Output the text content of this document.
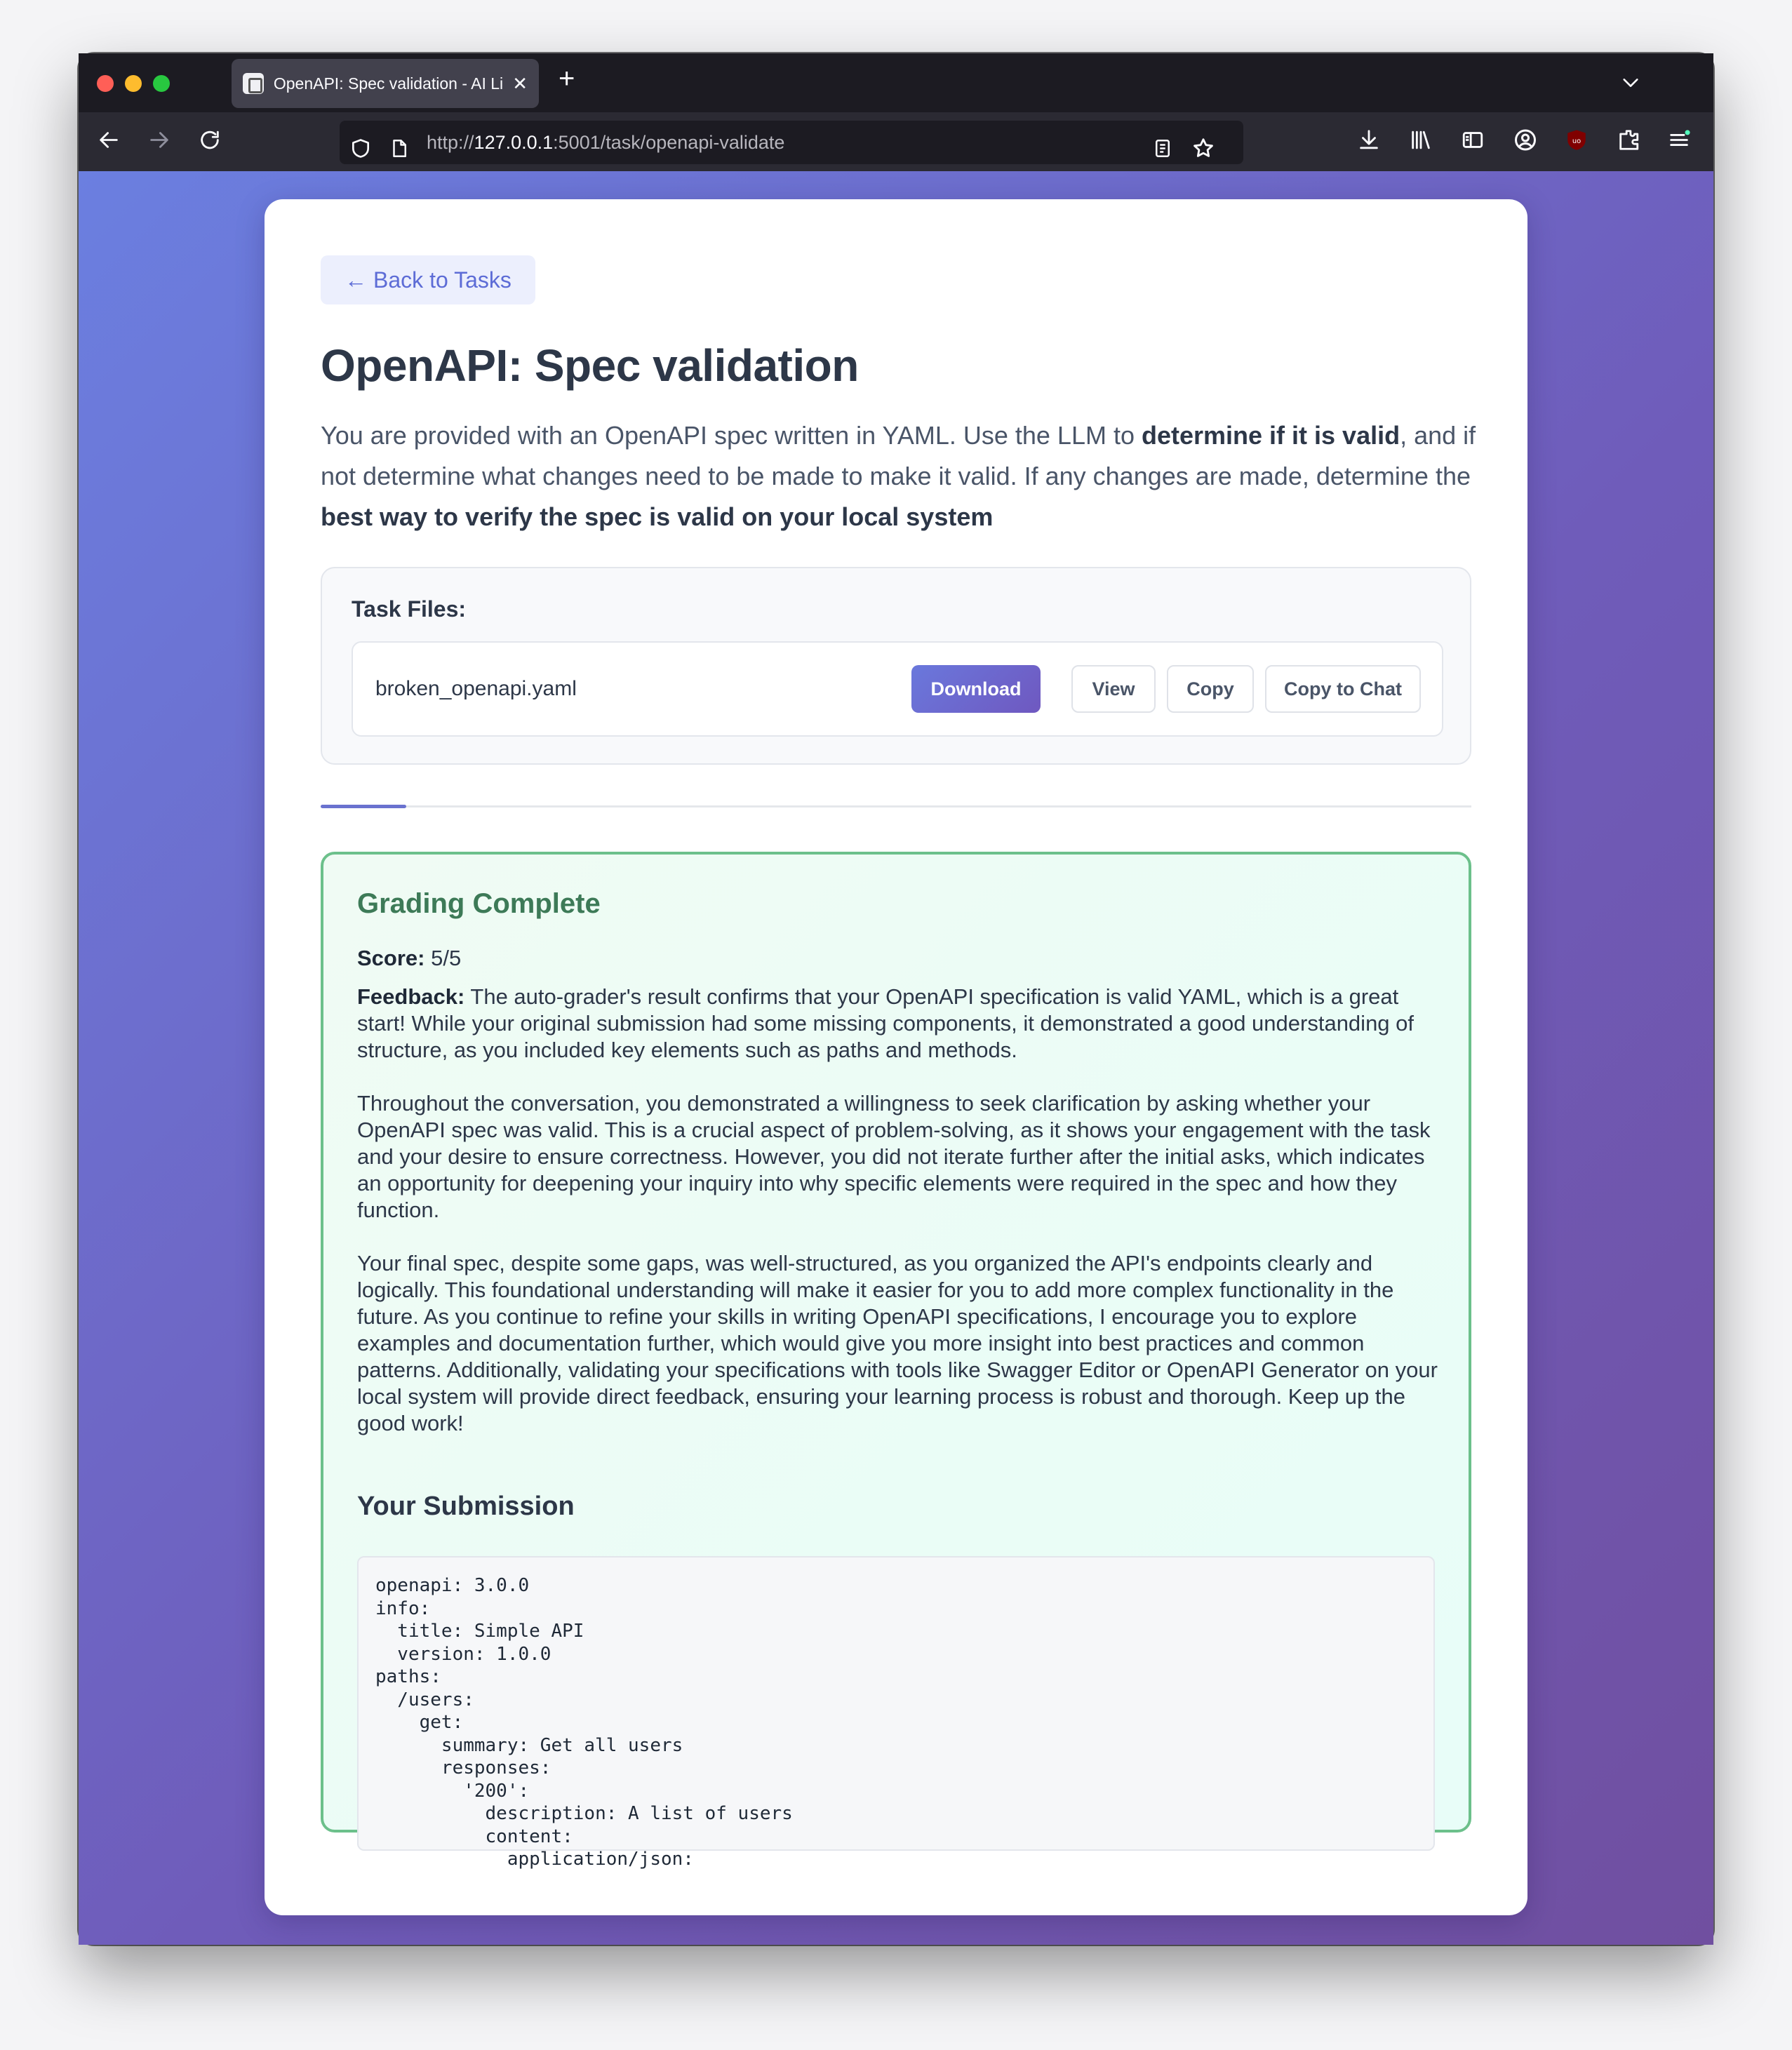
OpenAPI: Spec validation - AI Li ✕ +
http://127.0.0.1:5001/task/openapi-validate	uo
← Back to Tasks
OpenAPI: Spec validation

You are provided with an OpenAPI spec written in YAML. Use the LLM to determine if it is valid, and if not determine what changes need to be made to make it valid. If any changes are made, determine the best way to verify the spec is valid on your local system

Task Files:
broken_openapi.yaml	Download	View	Copy	Copy to Chat
Grading Complete
Score: 5/5

Feedback: The auto-grader's result confirms that your OpenAPI specification is valid YAML, which is a great start! While your original submission had some missing components, it demonstrated a good understanding of structure, as you included key elements such as paths and methods.

Throughout the conversation, you demonstrated a willingness to seek clarification by asking whether your OpenAPI spec was valid. This is a crucial aspect of problem-solving, as it shows your engagement with the task and your desire to ensure correctness. However, you did not iterate further after the initial asks, which indicates an opportunity for deepening your inquiry into why specific elements were required in the spec and how they function.

Your final spec, despite some gaps, was well-structured, as you organized the API's endpoints clearly and logically. This foundational understanding will make it easier for you to add more complex functionality in the future. As you continue to refine your skills in writing OpenAPI specifications, I encourage you to explore examples and documentation further, which would give you more insight into best practices and common patterns. Additionally, validating your specifications with tools like Swagger Editor or OpenAPI Generator on your local system will provide direct feedback, ensuring your learning process is robust and thorough. Keep up the good work!

Your Submission
openapi: 3.0.0
info:
title: Simple API
version: 1.0.0
paths:
/users:
get:
summary: Get all users
responses:
'200':
description: A list of users
content:
application/json:
